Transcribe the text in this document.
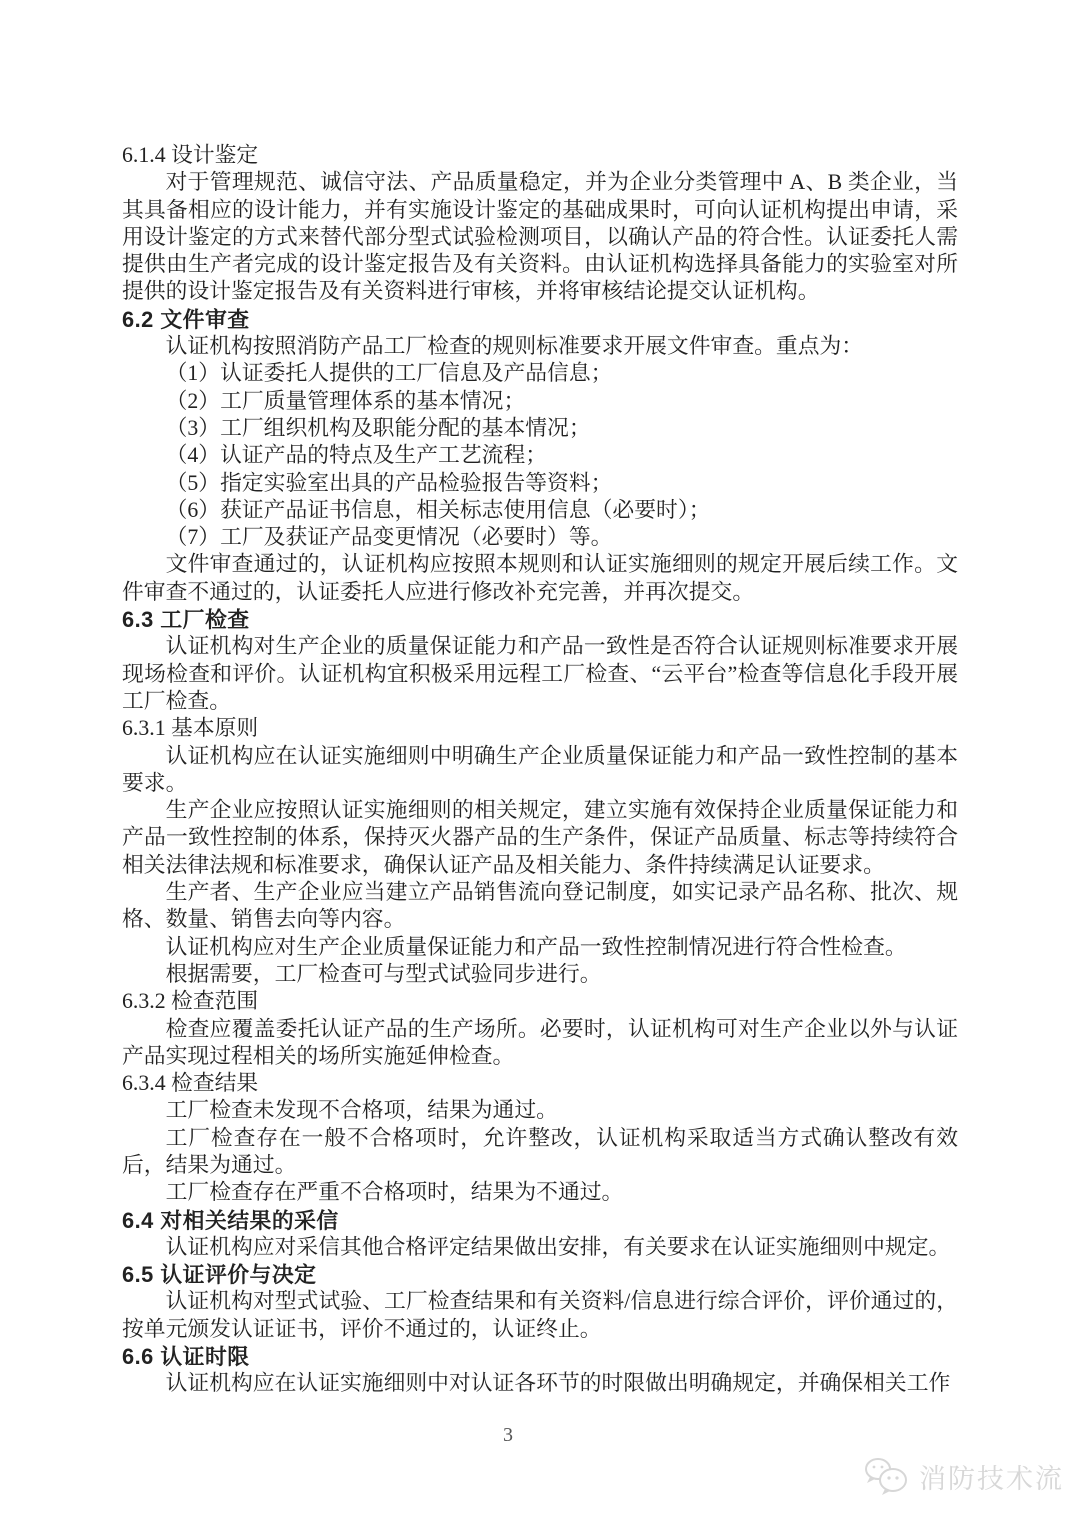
6.1.4 设计鉴定
对于管理规范、诚信守法、产品质量稳定，并为企业分类管理中 A、B 类企业，当其具备相应的设计能力，并有实施设计鉴定的基础成果时，可向认证机构提出申请，采用设计鉴定的方式来替代部分型式试验检测项目，以确认产品的符合性。认证委托人需提供由生产者完成的设计鉴定报告及有关资料。由认证机构选择具备能力的实验室对所提供的设计鉴定报告及有关资料进行审核，并将审核结论提交认证机构。
6.2 文件审查
认证机构按照消防产品工厂检查的规则标准要求开展文件审查。重点为：
（1）认证委托人提供的工厂信息及产品信息；
（2）工厂质量管理体系的基本情况；
（3）工厂组织机构及职能分配的基本情况；
（4）认证产品的特点及生产工艺流程；
（5）指定实验室出具的产品检验报告等资料；
（6）获证产品证书信息，相关标志使用信息（必要时）；
（7）工厂及获证产品变更情况（必要时）等。
文件审查通过的，认证机构应按照本规则和认证实施细则的规定开展后续工作。文件审查不通过的，认证委托人应进行修改补充完善，并再次提交。
6.3 工厂检查
认证机构对生产企业的质量保证能力和产品一致性是否符合认证规则标准要求开展现场检查和评价。认证机构宜积极采用远程工厂检查、“云平台”检查等信息化手段开展工厂检查。
6.3.1 基本原则
认证机构应在认证实施细则中明确生产企业质量保证能力和产品一致性控制的基本要求。
生产企业应按照认证实施细则的相关规定，建立实施有效保持企业质量保证能力和产品一致性控制的体系，保持灭火器产品的生产条件，保证产品质量、标志等持续符合相关法律法规和标准要求，确保认证产品及相关能力、条件持续满足认证要求。
生产者、生产企业应当建立产品销售流向登记制度，如实记录产品名称、批次、规格、数量、销售去向等内容。
认证机构应对生产企业质量保证能力和产品一致性控制情况进行符合性检查。
根据需要，工厂检查可与型式试验同步进行。
6.3.2 检查范围
检查应覆盖委托认证产品的生产场所。必要时，认证机构可对生产企业以外与认证产品实现过程相关的场所实施延伸检查。
6.3.4 检查结果
工厂检查未发现不合格项，结果为通过。
工厂检查存在一般不合格项时，允许整改，认证机构采取适当方式确认整改有效后，结果为通过。
工厂检查存在严重不合格项时，结果为不通过。
6.4 对相关结果的采信
认证机构应对采信其他合格评定结果做出安排，有关要求在认证实施细则中规定。
6.5 认证评价与决定
认证机构对型式试验、工厂检查结果和有关资料/信息进行综合评价，评价通过的，按单元颁发认证证书，评价不通过的，认证终止。
6.6 认证时限
认证机构应在认证实施细则中对认证各环节的时限做出明确规定，并确保相关工作
3
消防技术流
